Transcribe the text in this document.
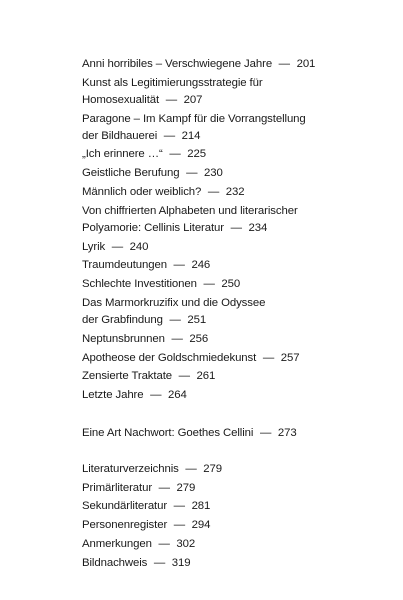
Anni horribiles – Verschwiegene Jahre  —  201
Kunst als Legitimierungsstrategie für
Homosexualität  —  207
Paragone – Im Kampf für die Vorrangstellung
der Bildhauerei  —  214
„Ich erinnere …“  —  225
Geistliche Berufung  —  230
Männlich oder weiblich?  —  232
Von chiffrierten Alphabeten und literarischer
Polyamorie: Cellinis Literatur  —  234
Lyrik  —  240
Traumdeutungen  —  246
Schlechte Investitionen  —  250
Das Marmorkruzifix und die Odyssee
der Grabfindung  —  251
Neptunsbrunnen  —  256
Apotheose der Goldschmiedekunst  —  257
Zensierte Traktate  —  261
Letzte Jahre  —  264
Eine Art Nachwort: Goethes Cellini  —  273
Literaturverzeichnis  —  279
Primärliteratur  —  279
Sekundärliteratur  —  281
Personenregister  —  294
Anmerkungen  —  302
Bildnachweis  —  319
